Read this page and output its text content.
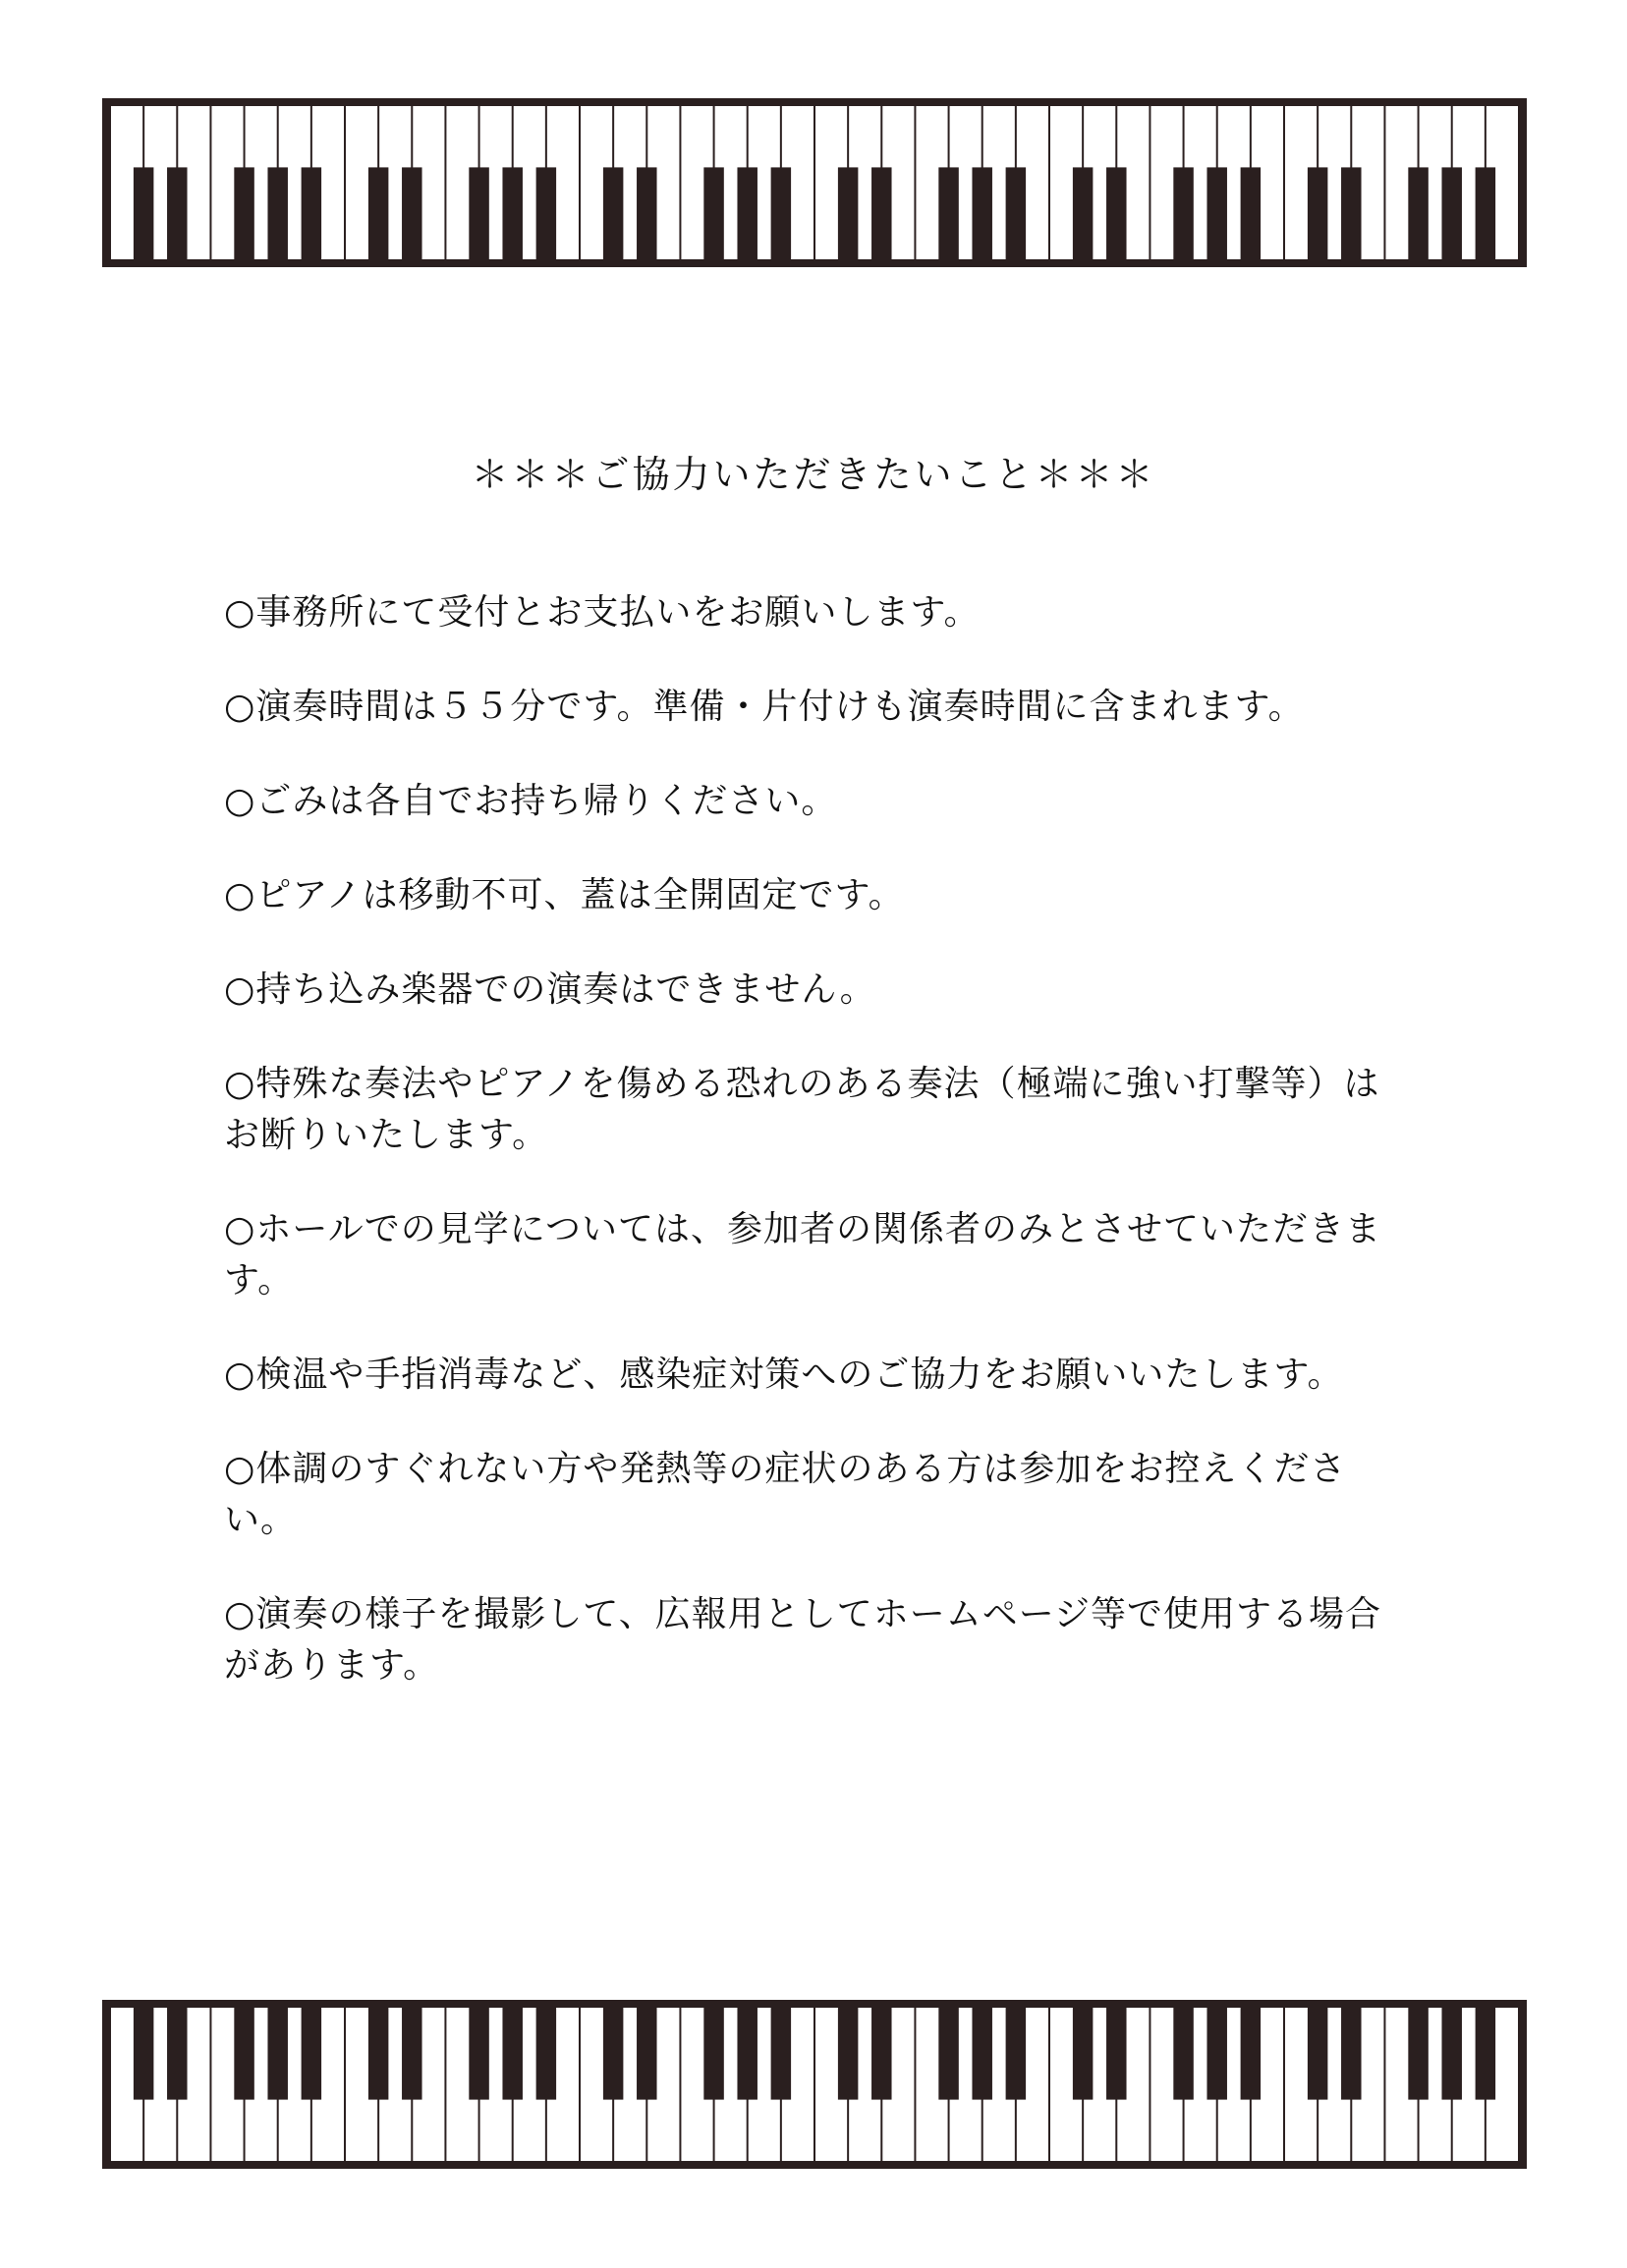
＊＊＊ご協力いただきたいこと＊＊＊
○事務所にて受付とお支払いをお願いします。
○演奏時間は５５分です。準備・片付けも演奏時間に含まれます。
○ごみは各自でお持ち帰りください。
○ピアノは移動不可、蓋は全開固定です。
○持ち込み楽器での演奏はできません。
○特殊な奏法やピアノを傷める恐れのある奏法（極端に強い打撃等）はお断りいたします。
○ホールでの見学については、参加者の関係者のみとさせていただきます。
○検温や手指消毒など、感染症対策へのご協力をお願いいたします。
○体調のすぐれない方や発熱等の症状のある方は参加をお控えください。
○演奏の様子を撮影して、広報用としてホームページ等で使用する場合があります。
